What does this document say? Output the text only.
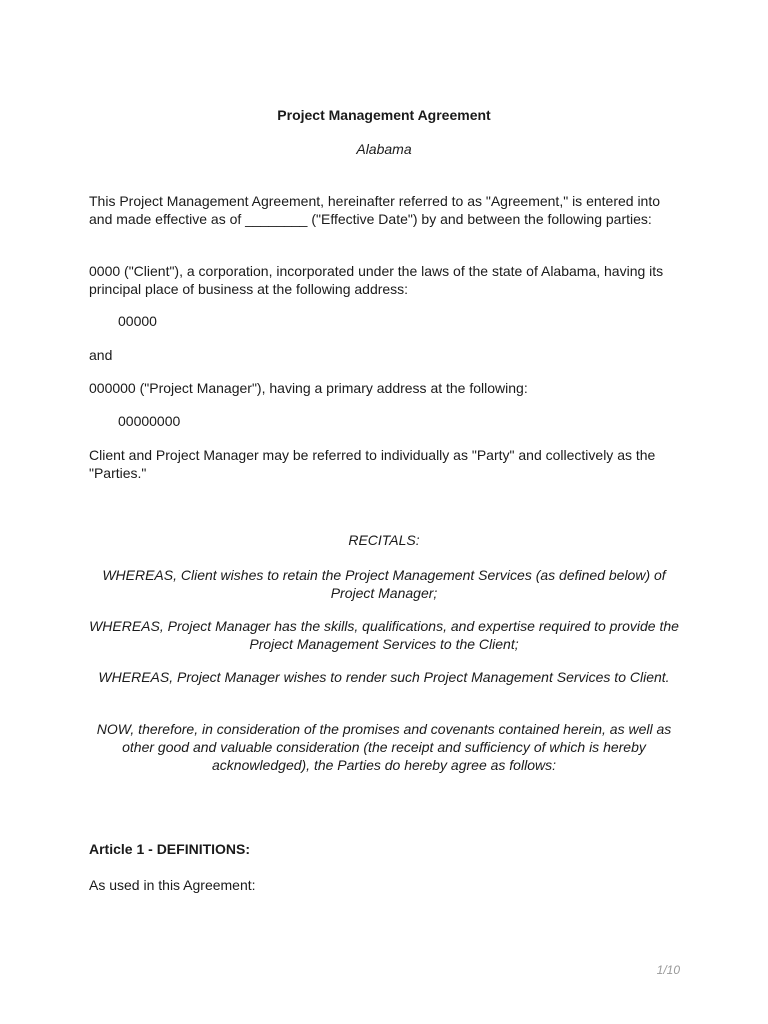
Project Management Agreement
Alabama

This Project Management Agreement, hereinafter referred to as "Agreement," is entered into and made effective as of ________ ("Effective Date") by and between the following parties:

0000 ("Client"), a corporation, incorporated under the laws of the state of Alabama, having its principal place of business at the following address:

00000
and

000000 ("Project Manager"), having a primary address at the following:

00000000

Client and Project Manager may be referred to individually as "Party" and collectively as the "Parties."

RECITALS:

WHEREAS, Client wishes to retain the Project Management Services (as defined below) of Project Manager;

WHEREAS, Project Manager has the skills, qualifications, and expertise required to provide the Project Management Services to the Client;

WHEREAS, Project Manager wishes to render such Project Management Services to Client.

NOW, therefore, in consideration of the promises and covenants contained herein, as well as other good and valuable consideration (the receipt and sufficiency of which is hereby acknowledged), the Parties do hereby agree as follows:

Article 1 - DEFINITIONS:
As used in this Agreement:
1/10
